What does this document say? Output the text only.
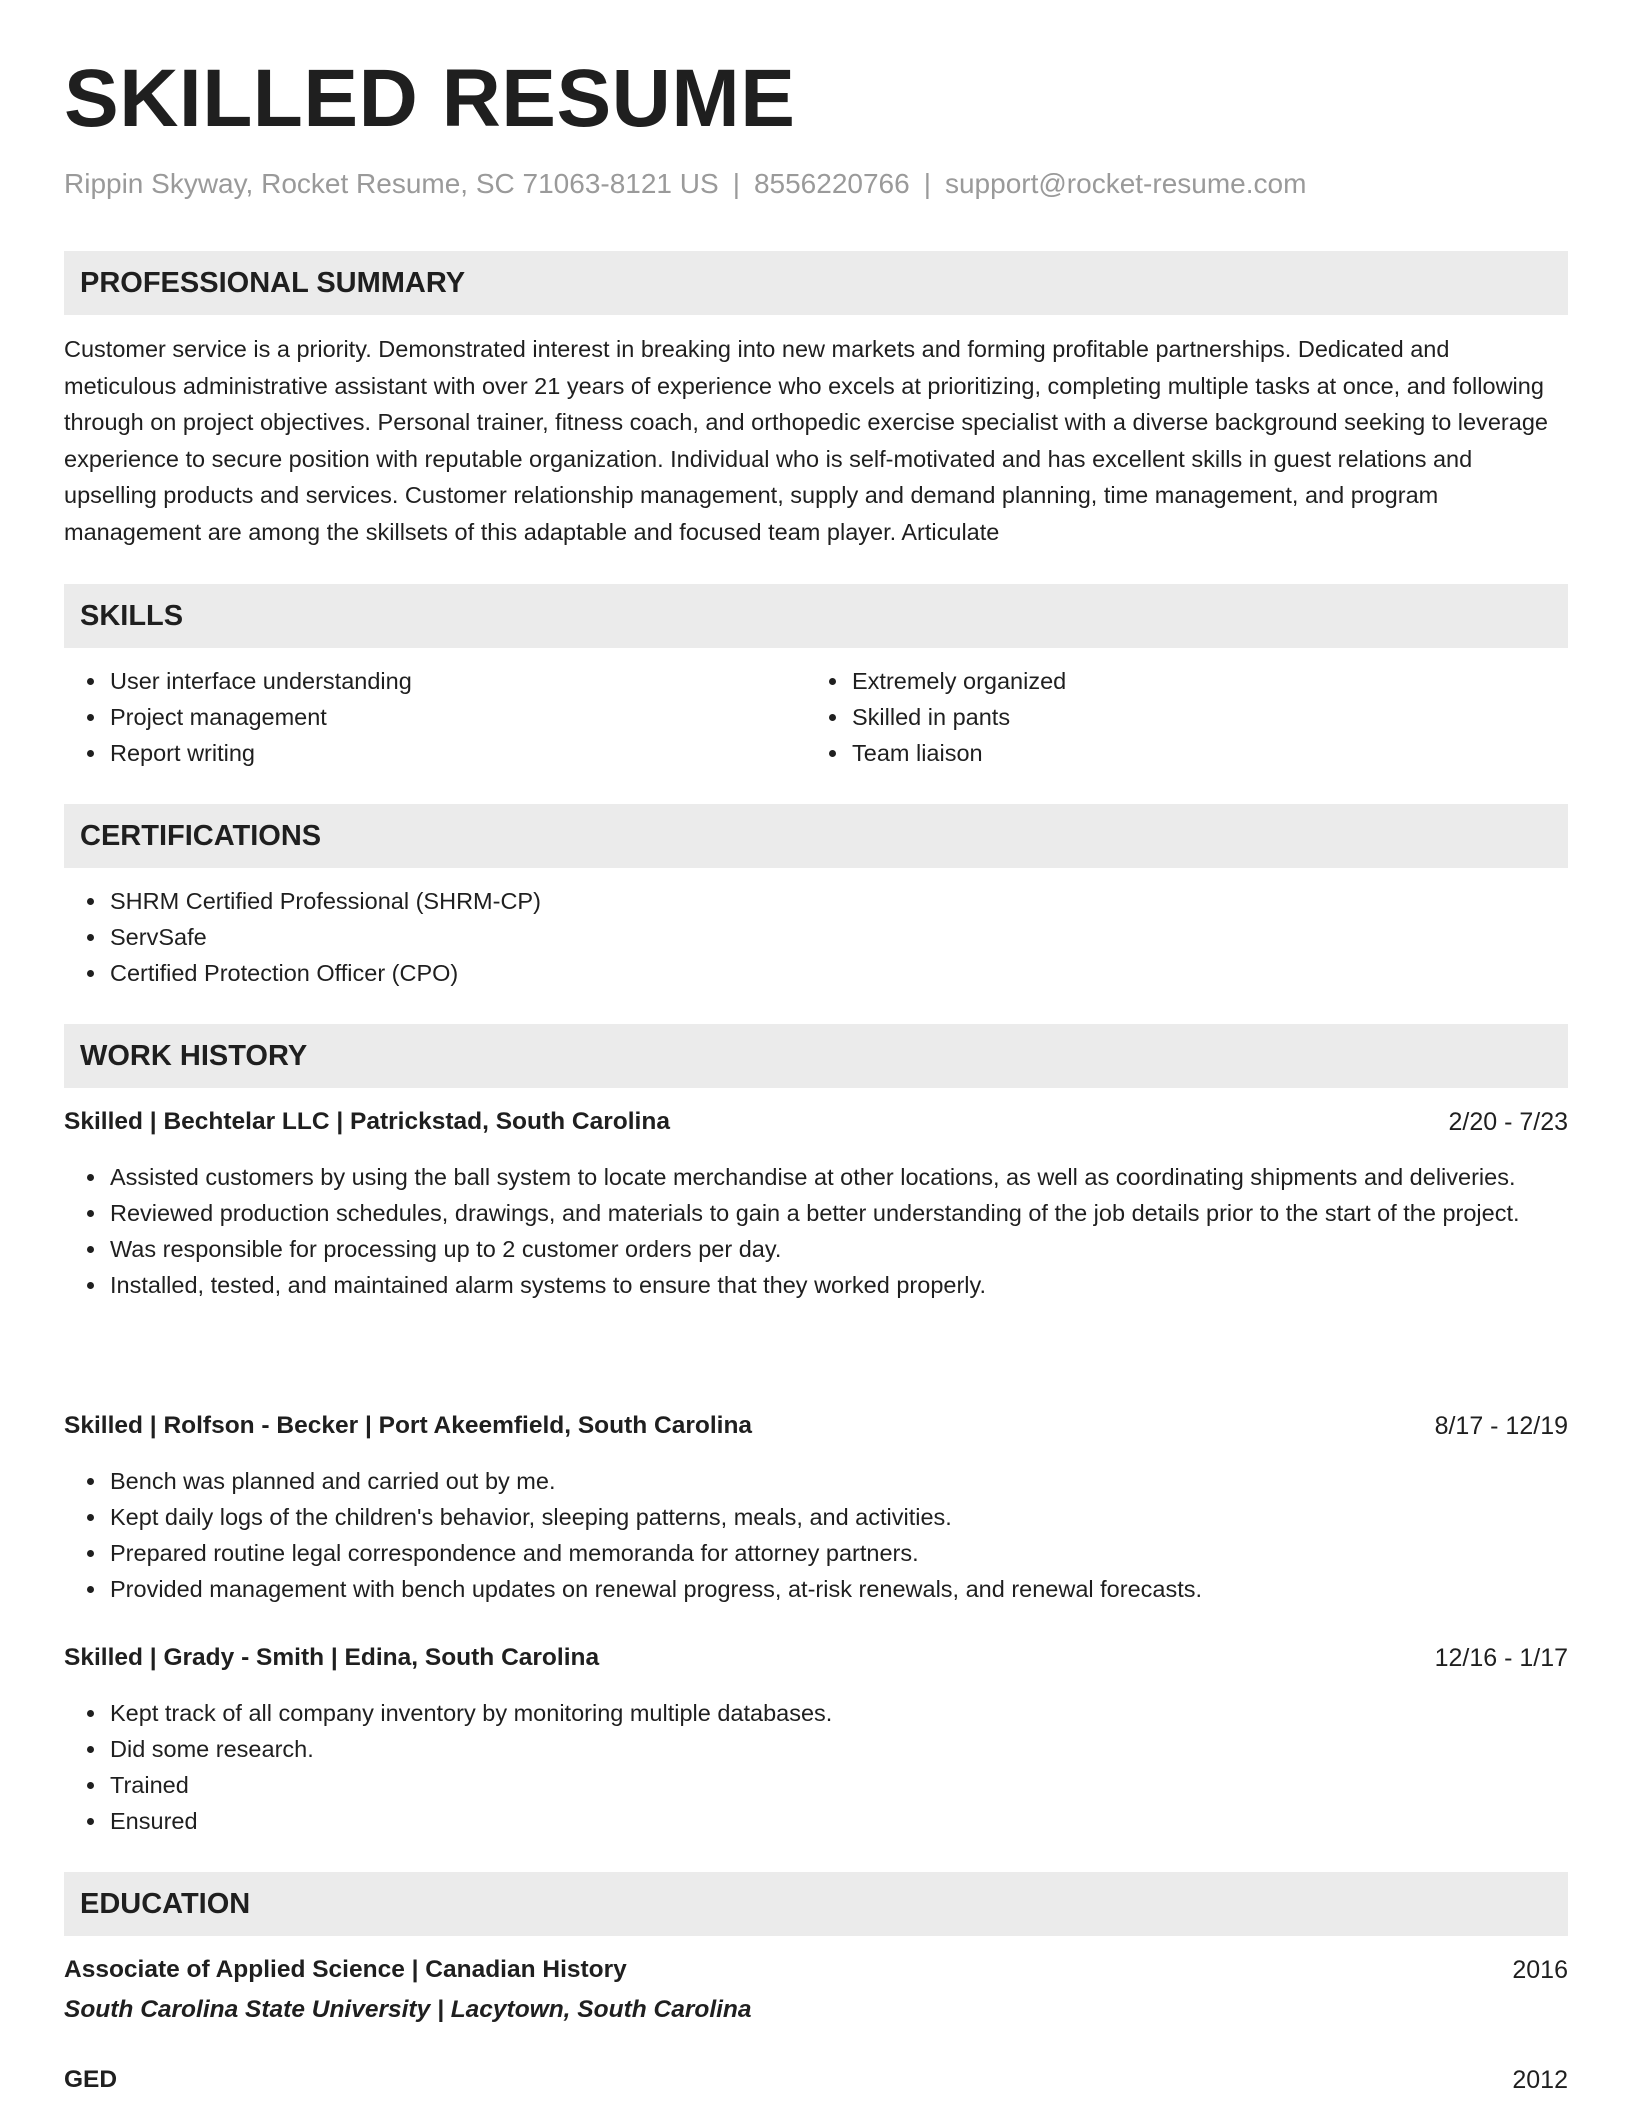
SKILLED RESUME
Rippin Skyway, Rocket Resume, SC 71063-8121 US | 8556220766 | support@rocket-resume.com
PROFESSIONAL SUMMARY

Customer service is a priority. Demonstrated interest in breaking into new markets and forming profitable partnerships. Dedicated and meticulous administrative assistant with over 21 years of experience who excels at prioritizing, completing multiple tasks at once, and following through on project objectives. Personal trainer, fitness coach, and orthopedic exercise specialist with a diverse background seeking to leverage experience to secure position with reputable organization. Individual who is self-motivated and has excellent skills in guest relations and upselling products and services. Customer relationship management, supply and demand planning, time management, and program management are among the skillsets of this adaptable and focused team player. Articulate

SKILLS
• User interface understanding
• Project management
• Report writing
• Extremely organized
• Skilled in pants
• Team liaison
CERTIFICATIONS
• SHRM Certified Professional (SHRM-CP)
• ServSafe
• Certified Protection Officer (CPO)
WORK HISTORY
Skilled | Bechtelar LLC | Patrickstad, South Carolina	2/20 - 7/23
• Assisted customers by using the ball system to locate merchandise at other locations, as well as coordinating shipments and deliveries.
• Reviewed production schedules, drawings, and materials to gain a better understanding of the job details prior to the start of the project.
• Was responsible for processing up to 2 customer orders per day.
• Installed, tested, and maintained alarm systems to ensure that they worked properly.
Skilled | Rolfson - Becker | Port Akeemfield, South Carolina	8/17 - 12/19
• Bench was planned and carried out by me.
• Kept daily logs of the children's behavior, sleeping patterns, meals, and activities.
• Prepared routine legal correspondence and memoranda for attorney partners.
• Provided management with bench updates on renewal progress, at-risk renewals, and renewal forecasts.
Skilled | Grady - Smith | Edina, South Carolina	12/16 - 1/17
• Kept track of all company inventory by monitoring multiple databases.
• Did some research.
• Trained
• Ensured
EDUCATION
Associate of Applied Science | Canadian History	2016
South Carolina State University | Lacytown, South Carolina
GED	2012
